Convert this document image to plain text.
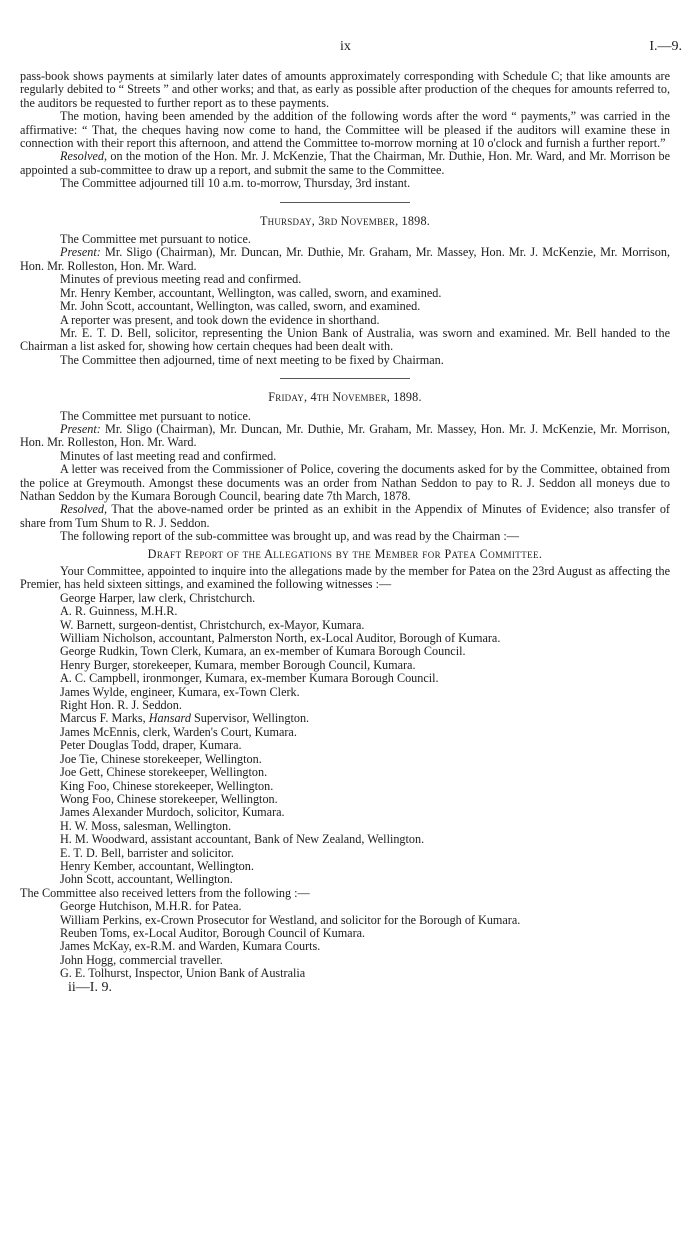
ix	I.—9.

pass-book shows payments at similarly later dates of amounts approximately corresponding with Schedule C; that like amounts are regularly debited to “ Streets ” and other works; and that, as early as possible after production of the cheques for amounts referred to, the auditors be requested to further report as to these payments.

The motion, having been amended by the addition of the following words after the word “ payments,” was carried in the affirmative: “ That, the cheques having now come to hand, the Committee will be pleased if the auditors will examine these in connection with their report this afternoon, and attend the Committee to-morrow morning at 10 o'clock and furnish a further report.”

Resolved, on the motion of the Hon. Mr. J. McKenzie, That the Chairman, Mr. Duthie, Hon. Mr. Ward, and Mr. Morrison be appointed a sub-committee to draw up a report, and submit the same to the Committee.

The Committee adjourned till 10 a.m. to-morrow, Thursday, 3rd instant.

Thursday, 3rd November, 1898.

The Committee met pursuant to notice.

Present: Mr. Sligo (Chairman), Mr. Duncan, Mr. Duthie, Mr. Graham, Mr. Massey, Hon. Mr. J. McKenzie, Mr. Morrison, Hon. Mr. Rolleston, Hon. Mr. Ward.

Minutes of previous meeting read and confirmed.

Mr. Henry Kember, accountant, Wellington, was called, sworn, and examined.

Mr. John Scott, accountant, Wellington, was called, sworn, and examined.

A reporter was present, and took down the evidence in shorthand.

Mr. E. T. D. Bell, solicitor, representing the Union Bank of Australia, was sworn and examined. Mr. Bell handed to the Chairman a list asked for, showing how certain cheques had been dealt with.

The Committee then adjourned, time of next meeting to be fixed by Chairman.

Friday, 4th November, 1898.

The Committee met pursuant to notice.

Present: Mr. Sligo (Chairman), Mr. Duncan, Mr. Duthie, Mr. Graham, Mr. Massey, Hon. Mr. J. McKenzie, Mr. Morrison, Hon. Mr. Rolleston, Hon. Mr. Ward.

Minutes of last meeting read and confirmed.

A letter was received from the Commissioner of Police, covering the documents asked for by the Committee, obtained from the police at Greymouth. Amongst these documents was an order from Nathan Seddon to pay to R. J. Seddon all moneys due to Nathan Seddon by the Kumara Borough Council, bearing date 7th March, 1878.

Resolved, That the above-named order be printed as an exhibit in the Appendix of Minutes of Evidence; also transfer of share from Tum Shum to R. J. Seddon.

The following report of the sub-committee was brought up, and was read by the Chairman :—

Draft Report of the Allegations by the Member for Patea Committee.

Your Committee, appointed to inquire into the allegations made by the member for Patea on the 23rd August as affecting the Premier, has held sixteen sittings, and examined the following witnesses :—

George Harper, law clerk, Christchurch.
A. R. Guinness, M.H.R.
W. Barnett, surgeon-dentist, Christchurch, ex-Mayor, Kumara.
William Nicholson, accountant, Palmerston North, ex-Local Auditor, Borough of Kumara.
George Rudkin, Town Clerk, Kumara, an ex-member of Kumara Borough Council.
Henry Burger, storekeeper, Kumara, member Borough Council, Kumara.
A. C. Campbell, ironmonger, Kumara, ex-member Kumara Borough Council.
James Wylde, engineer, Kumara, ex-Town Clerk.
Right Hon. R. J. Seddon.
Marcus F. Marks, Hansard Supervisor, Wellington.
James McEnnis, clerk, Warden's Court, Kumara.
Peter Douglas Todd, draper, Kumara.
Joe Tie, Chinese storekeeper, Wellington.
Joe Gett, Chinese storekeeper, Wellington.
King Foo, Chinese storekeeper, Wellington.
Wong Foo, Chinese storekeeper, Wellington.
James Alexander Murdoch, solicitor, Kumara.
H. W. Moss, salesman, Wellington.
H. M. Woodward, assistant accountant, Bank of New Zealand, Wellington.
E. T. D. Bell, barrister and solicitor.
Henry Kember, accountant, Wellington.
John Scott, accountant, Wellington.

The Committee also received letters from the following :—

George Hutchison, M.H.R. for Patea.
William Perkins, ex-Crown Prosecutor for Westland, and solicitor for the Borough of Kumara.
Reuben Toms, ex-Local Auditor, Borough Council of Kumara.
James McKay, ex-R.M. and Warden, Kumara Courts.
John Hogg, commercial traveller.
G. E. Tolhurst, Inspector, Union Bank of Australia
ii—I. 9.
